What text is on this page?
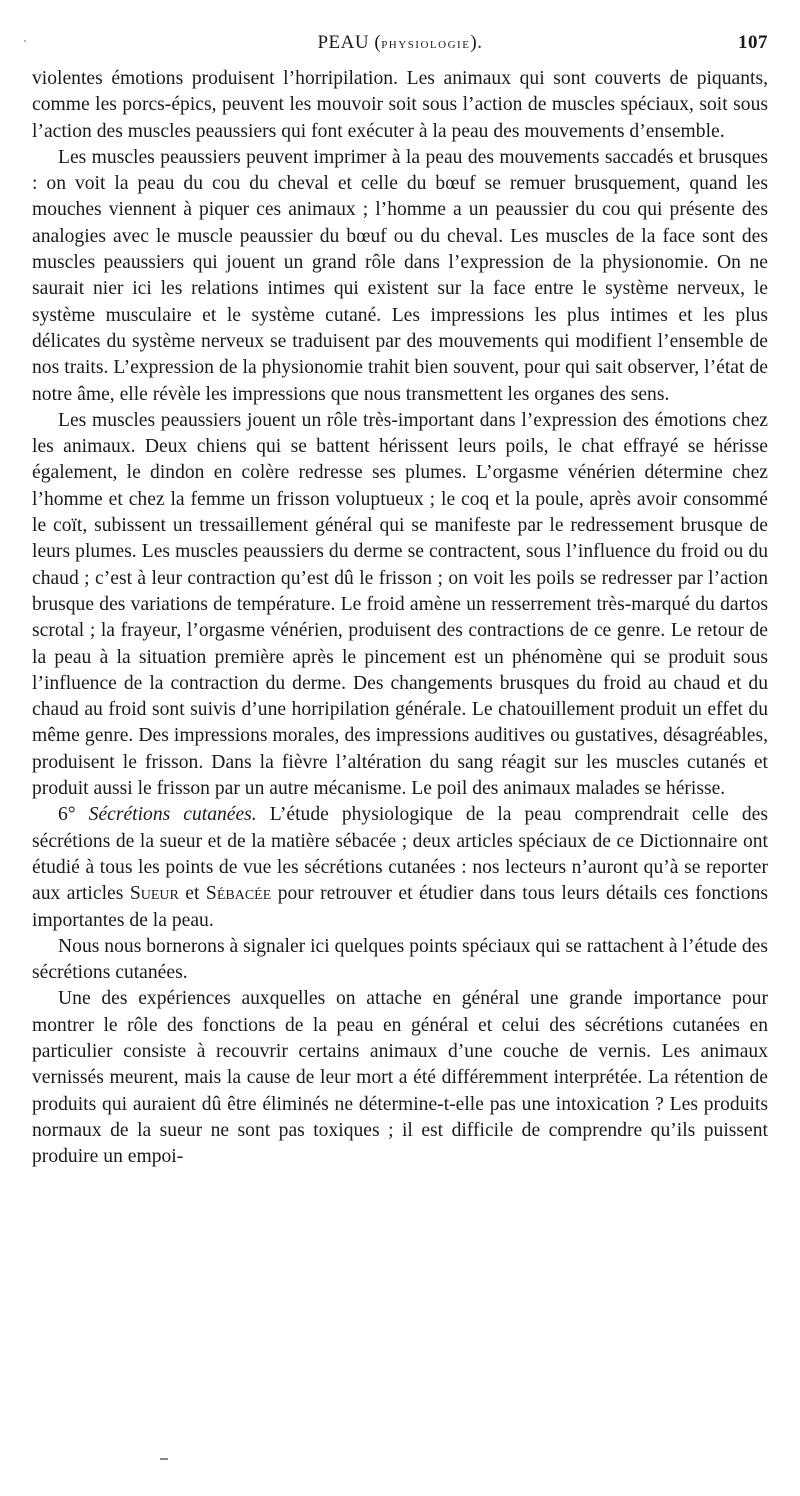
PEAU (physiologie).	107

violentes émotions produisent l’horripilation. Les animaux qui sont couverts de piquants, comme les porcs-épics, peuvent les mouvoir soit sous l’action de muscles spéciaux, soit sous l’action des muscles peaussiers qui font exécuter à la peau des mouvements d’ensemble.

Les muscles peaussiers peuvent imprimer à la peau des mouvements saccadés et brusques : on voit la peau du cou du cheval et celle du bœuf se remuer brusquement, quand les mouches viennent à piquer ces animaux ; l’homme a un peaussier du cou qui présente des analogies avec le muscle peaussier du bœuf ou du cheval. Les muscles de la face sont des muscles peaussiers qui jouent un grand rôle dans l’expression de la physionomie. On ne saurait nier ici les relations intimes qui existent sur la face entre le système nerveux, le système musculaire et le système cutané. Les impressions les plus intimes et les plus délicates du système nerveux se traduisent par des mouvements qui modifient l’ensemble de nos traits. L’expression de la physionomie trahit bien souvent, pour qui sait observer, l’état de notre âme, elle révèle les impressions que nous transmettent les organes des sens.

Les muscles peaussiers jouent un rôle très-important dans l’expression des émotions chez les animaux. Deux chiens qui se battent hérissent leurs poils, le chat effrayé se hérisse également, le dindon en colère redresse ses plumes. L’orgasme vénérien détermine chez l’homme et chez la femme un frisson voluptueux ; le coq et la poule, après avoir consommé le coït, subissent un tressaillement général qui se manifeste par le redressement brusque de leurs plumes. Les muscles peaussiers du derme se contractent, sous l’influence du froid ou du chaud ; c’est à leur contraction qu’est dû le frisson ; on voit les poils se redresser par l’action brusque des variations de température. Le froid amène un resserrement très-marqué du dartos scrotal ; la frayeur, l’orgasme vénérien, produisent des contractions de ce genre. Le retour de la peau à la situation première après le pincement est un phénomène qui se produit sous l’influence de la contraction du derme. Des changements brusques du froid au chaud et du chaud au froid sont suivis d’une horripilation générale. Le chatouillement produit un effet du même genre. Des impressions morales, des impressions auditives ou gustatives, désagréables, produisent le frisson. Dans la fièvre l’altération du sang réagit sur les muscles cutanés et produit aussi le frisson par un autre mécanisme. Le poil des animaux malades se hérisse.

6° Sécrétions cutanées. L’étude physiologique de la peau comprendrait celle des sécrétions de la sueur et de la matière sébacée ; deux articles spéciaux de ce Dictionnaire ont étudié à tous les points de vue les sécrétions cutanées : nos lecteurs n’auront qu’à se reporter aux articles Sueur et Sébacée pour retrouver et étudier dans tous leurs détails ces fonctions importantes de la peau.

Nous nous bornerons à signaler ici quelques points spéciaux qui se rattachent à l’étude des sécrétions cutanées.

Une des expériences auxquelles on attache en général une grande importance pour montrer le rôle des fonctions de la peau en général et celui des sécrétions cutanées en particulier consiste à recouvrir certains animaux d’une couche de vernis. Les animaux vernissés meurent, mais la cause de leur mort a été différemment interprétée. La rétention de produits qui auraient dû être éliminés ne détermine-t-elle pas une intoxication ? Les produits normaux de la sueur ne sont pas toxiques ; il est difficile de comprendre qu’ils puissent produire un empoi-
